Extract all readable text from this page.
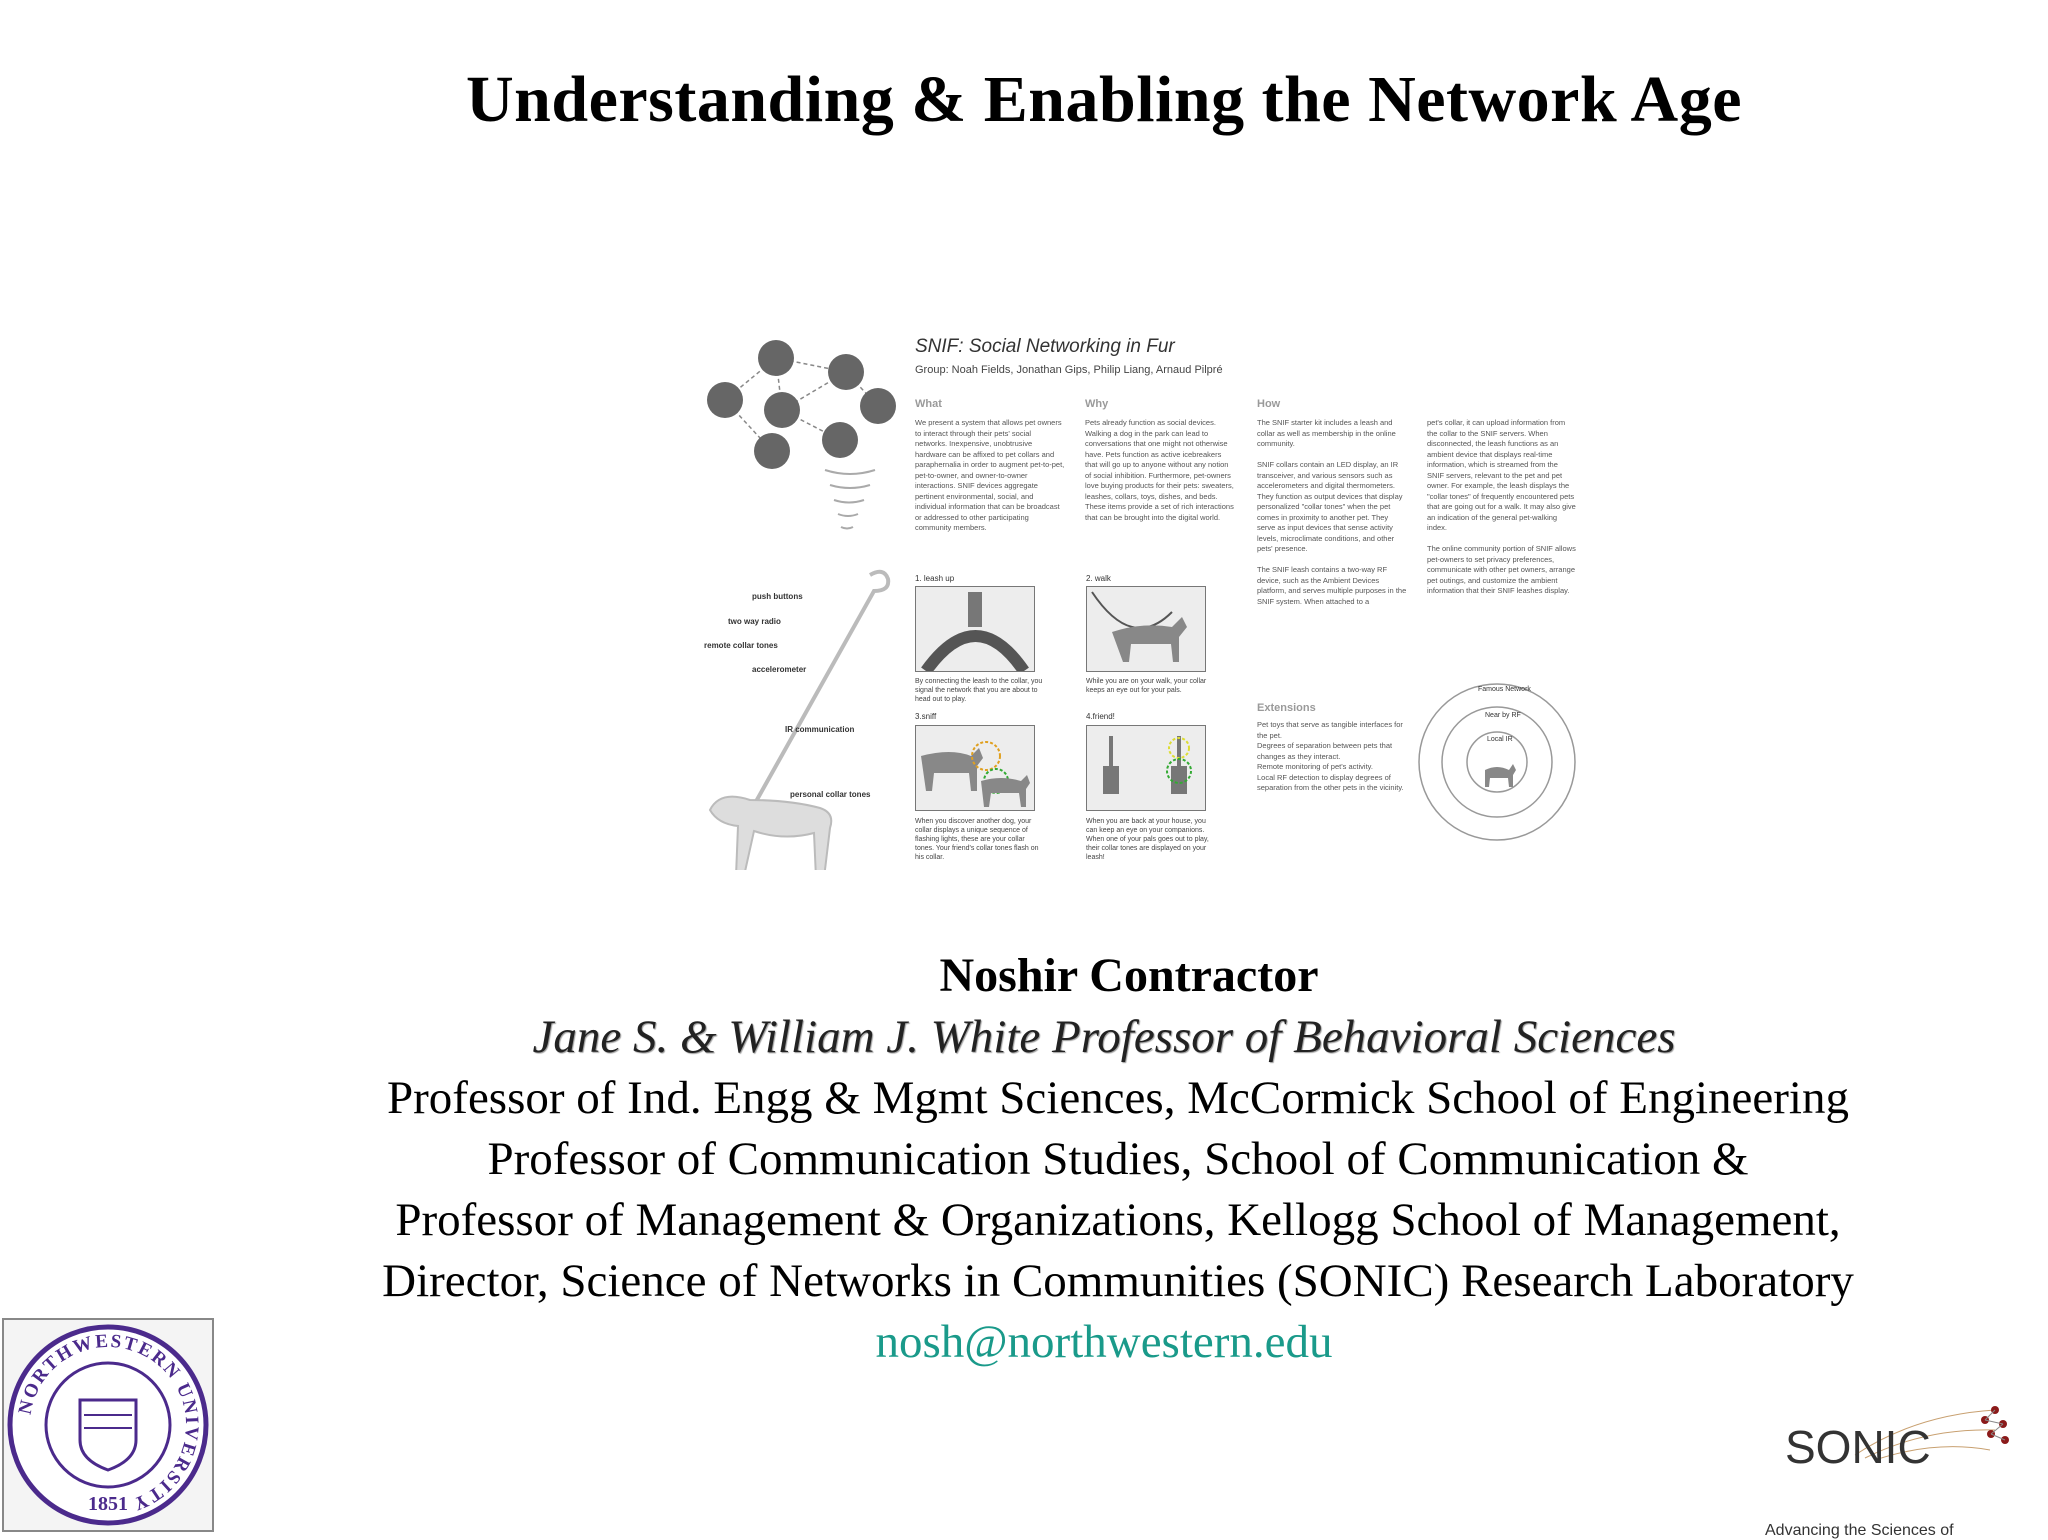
Understanding & Enabling the Network Age
SNIF: Social Networking in Fur
Group: Noah Fields, Jonathan Gips, Philip Liang, Arnaud Pilpré
What	Why	How
We present a system that allows pet owners to interact through their pets' social networks. Inexpensive, unobtrusive hardware can be affixed to pet collars and paraphernalia in order to augment pet-to-pet, pet-to-owner, and owner-to-owner interactions. SNIF devices aggregate pertinent environmental, social, and individual information that can be broadcast or addressed to other participating community members.
Pets already function as social devices. Walking a dog in the park can lead to conversations that one might not otherwise have. Pets function as active icebreakers that will go up to anyone without any notion of social inhibition. Furthermore, pet-owners love buying products for their pets: sweaters, leashes, collars, toys, dishes, and beds. These items provide a set of rich interactions that can be brought into the digital world.
The SNIF starter kit includes a leash and collar as well as membership in the online community.

SNIF collars contain an LED display, an IR transceiver, and various sensors such as accelerometers and digital thermometers. They function as output devices that display personalized "collar tones" when the pet comes in proximity to another pet. They serve as input devices that sense activity levels, microclimate conditions, and other pets' presence.

The SNIF leash contains a two-way RF device, such as the Ambient Devices platform, and serves multiple purposes in the SNIF system. When attached to a
pet's collar, it can upload information from the collar to the SNIF servers. When disconnected, the leash functions as an ambient device that displays real-time information, which is streamed from the SNIF servers, relevant to the pet and pet owner. For example, the leash displays the "collar tones" of frequently encountered pets that are going out for a walk. It may also give an indication of the general pet-walking index.

The online community portion of SNIF allows pet-owners to set privacy preferences, communicate with other pet owners, arrange pet outings, and customize the ambient information that their SNIF leashes display.
push buttons
two way radio
remote collar tones
accelerometer
IR communication
personal collar tones
1. leash up	2. walk
3.sniff	4.friend!
By connecting the leash to the collar, you signal the network that you are about to head out to play.
While you are on your walk, your collar keeps an eye out for your pals.
When you discover another dog, your collar displays a unique sequence of flashing lights, these are your collar tones. Your friend's collar tones flash on his collar.
When you are back at your house, you can keep an eye on your companions. When one of your pals goes out to play, their collar tones are displayed on your leash!
Extensions
Pet toys that serve as tangible interfaces for the pet.
Degrees of separation between pets that changes as they interact.
Remote monitoring of pet's activity.
Local RF detection to display degrees of separation from the other pets in the vicinity.
Famous Network
Near by RF
Local IR
Noshir Contractor
Jane S. & William J. White Professor of Behavioral Sciences
Professor of Ind. Engg & Mgmt Sciences, McCormick School of Engineering
Professor of Communication Studies, School of Communication &
Professor of Management & Organizations, Kellogg School of Management,
Director, Science of Networks in Communities (SONIC) Research Laboratory
nosh@northwestern.edu
NORTHWESTERN UNIVERSITY
1851
SONIC
Advancing the Sciences of
